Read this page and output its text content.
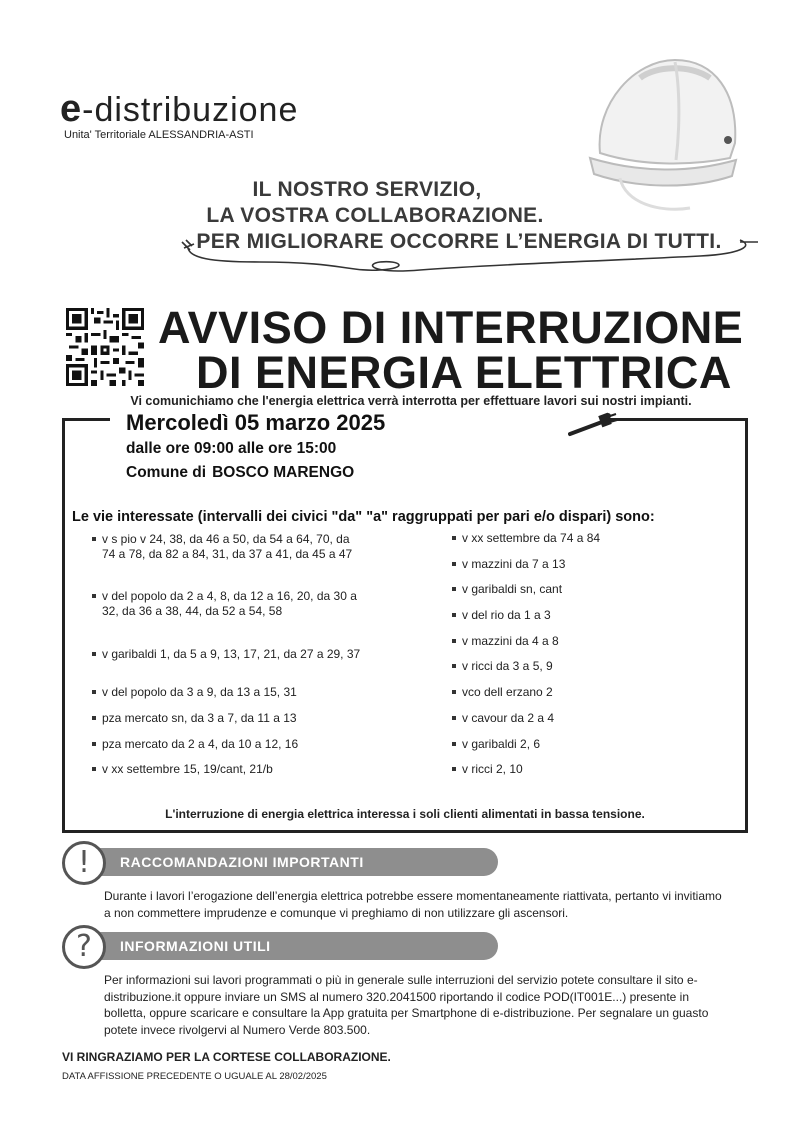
e-distribuzione
Unita' Territoriale ALESSANDRIA-ASTI
IL NOSTRO SERVIZIO,
LA VOSTRA COLLABORAZIONE.
PER MIGLIORARE OCCORRE L’ENERGIA DI TUTTI.
AVVISO DI INTERRUZIONE
DI ENERGIA ELETTRICA
Vi comunichiamo che l'energia elettrica verrà interrotta per effettuare lavori sui nostri impianti.
Mercoledì 05 marzo 2025
dalle ore 09:00 alle ore 15:00
Comune di BOSCO MARENGO
Le vie interessate (intervalli dei civici "da" "a" raggruppati per pari e/o dispari) sono:
v s pio v 24, 38, da 46 a 50, da 54 a 64, 70, da 74 a 78, da 82 a 84, 31, da 37 a 41, da 45 a 47
v del popolo da 2 a 4, 8, da 12 a 16, 20, da 30 a 32, da 36 a 38, 44, da 52 a 54, 58
v garibaldi 1, da 5 a 9, 13, 17, 21, da 27 a 29, 37
v del popolo da 3 a 9, da 13 a 15, 31
pza mercato sn, da 3 a 7, da 11 a 13
pza mercato da 2 a 4, da 10 a 12, 16
v xx settembre 15, 19/cant, 21/b
v xx settembre da 74 a 84
v mazzini da 7 a 13
v garibaldi sn, cant
v del rio da 1 a 3
v mazzini da 4 a 8
v ricci da 3 a 5, 9
vco dell erzano 2
v cavour da 2 a 4
v garibaldi 2, 6
v ricci 2, 10
L'interruzione di energia elettrica interessa i soli clienti alimentati in bassa tensione.
RACCOMANDAZIONI IMPORTANTI
!
Durante i lavori l’erogazione dell’energia elettrica potrebbe essere momentaneamente riattivata, pertanto vi invitiamo a non commettere imprudenze e comunque vi preghiamo di non utilizzare gli ascensori.
INFORMAZIONI UTILI
?
Per informazioni sui lavori programmati o più in generale sulle interruzioni del servizio potete consultare il sito e-distribuzione.it oppure inviare un SMS al numero 320.2041500 riportando il codice POD(IT001E...) presente in bolletta, oppure scaricare e consultare la App gratuita per Smartphone di e-distribuzione. Per segnalare un guasto potete invece rivolgervi al Numero Verde 803.500.
VI RINGRAZIAMO PER LA CORTESE COLLABORAZIONE.
DATA AFFISSIONE PRECEDENTE O UGUALE AL 28/02/2025
